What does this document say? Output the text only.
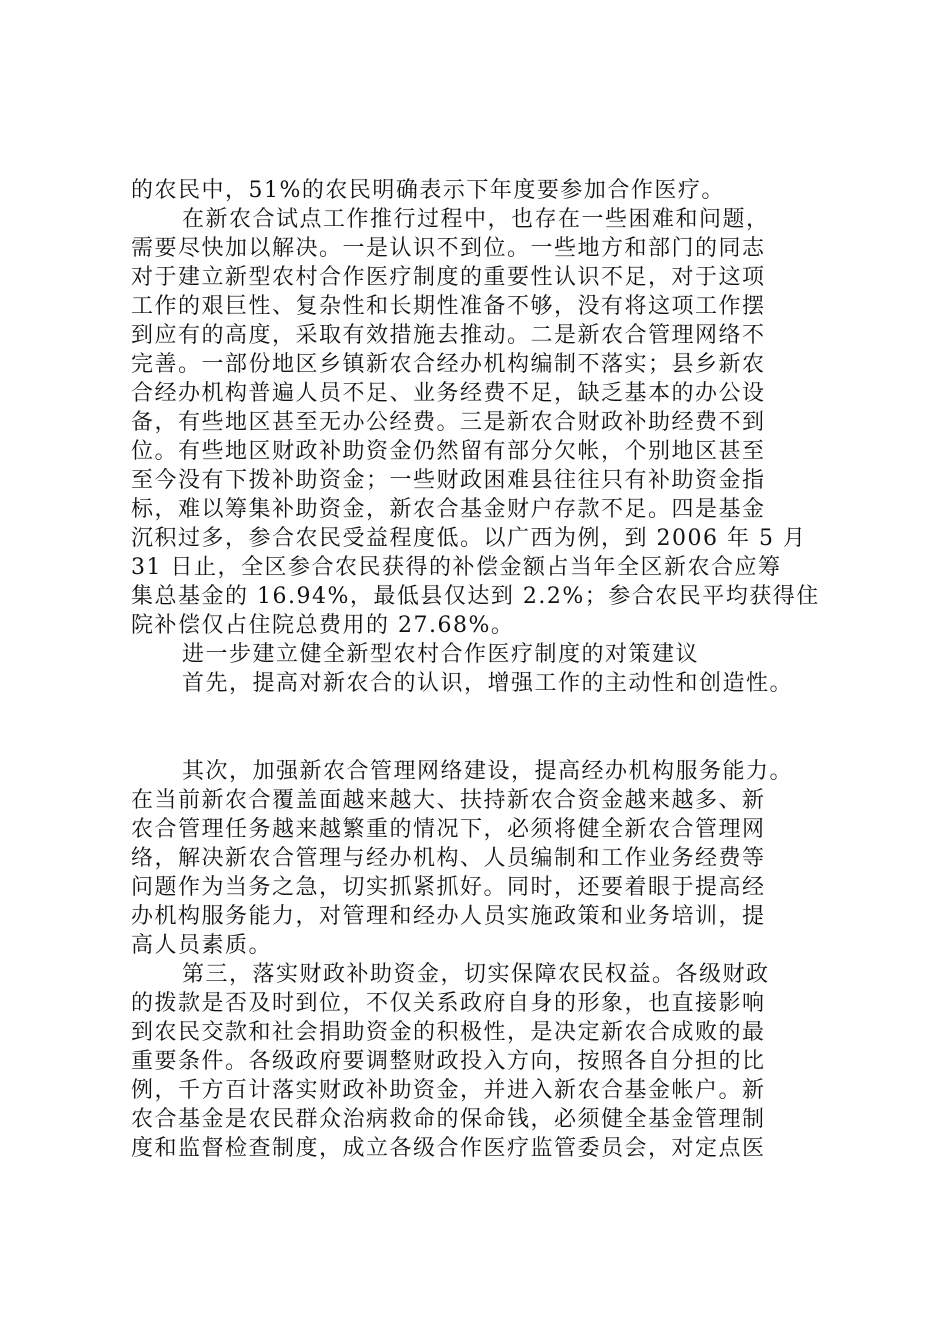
的农民中，51%的农民明确表示下年度要参加合作医疗。
在新农合试点工作推行过程中，也存在一些困难和问题，
需要尽快加以解决。一是认识不到位。一些地方和部门的同志
对于建立新型农村合作医疗制度的重要性认识不足，对于这项
工作的艰巨性、复杂性和长期性准备不够，没有将这项工作摆
到应有的高度，采取有效措施去推动。二是新农合管理网络不
完善。一部份地区乡镇新农合经办机构编制不落实；县乡新农
合经办机构普遍人员不足、业务经费不足，缺乏基本的办公设
备，有些地区甚至无办公经费。三是新农合财政补助经费不到
位。有些地区财政补助资金仍然留有部分欠帐，个别地区甚至
至今没有下拨补助资金；一些财政困难县往往只有补助资金指
标，难以筹集补助资金，新农合基金财户存款不足。四是基金
沉积过多，参合农民受益程度低。以广西为例，到 2006 年 5 月
31 日止，全区参合农民获得的补偿金额占当年全区新农合应筹
集总基金的 16.94%，最低县仅达到 2.2%；参合农民平均获得住
院补偿仅占住院总费用的 27.68%。
进一步建立健全新型农村合作医疗制度的对策建议
首先，提高对新农合的认识，增强工作的主动性和创造性。
其次，加强新农合管理网络建设，提高经办机构服务能力。
在当前新农合覆盖面越来越大、扶持新农合资金越来越多、新
农合管理任务越来越繁重的情况下，必须将健全新农合管理网
络，解决新农合管理与经办机构、人员编制和工作业务经费等
问题作为当务之急，切实抓紧抓好。同时，还要着眼于提高经
办机构服务能力，对管理和经办人员实施政策和业务培训，提
高人员素质。
第三，落实财政补助资金，切实保障农民权益。各级财政
的拨款是否及时到位，不仅关系政府自身的形象，也直接影响
到农民交款和社会捐助资金的积极性，是决定新农合成败的最
重要条件。各级政府要调整财政投入方向，按照各自分担的比
例，千方百计落实财政补助资金，并进入新农合基金帐户。新
农合基金是农民群众治病救命的保命钱，必须健全基金管理制
度和监督检查制度，成立各级合作医疗监管委员会，对定点医
